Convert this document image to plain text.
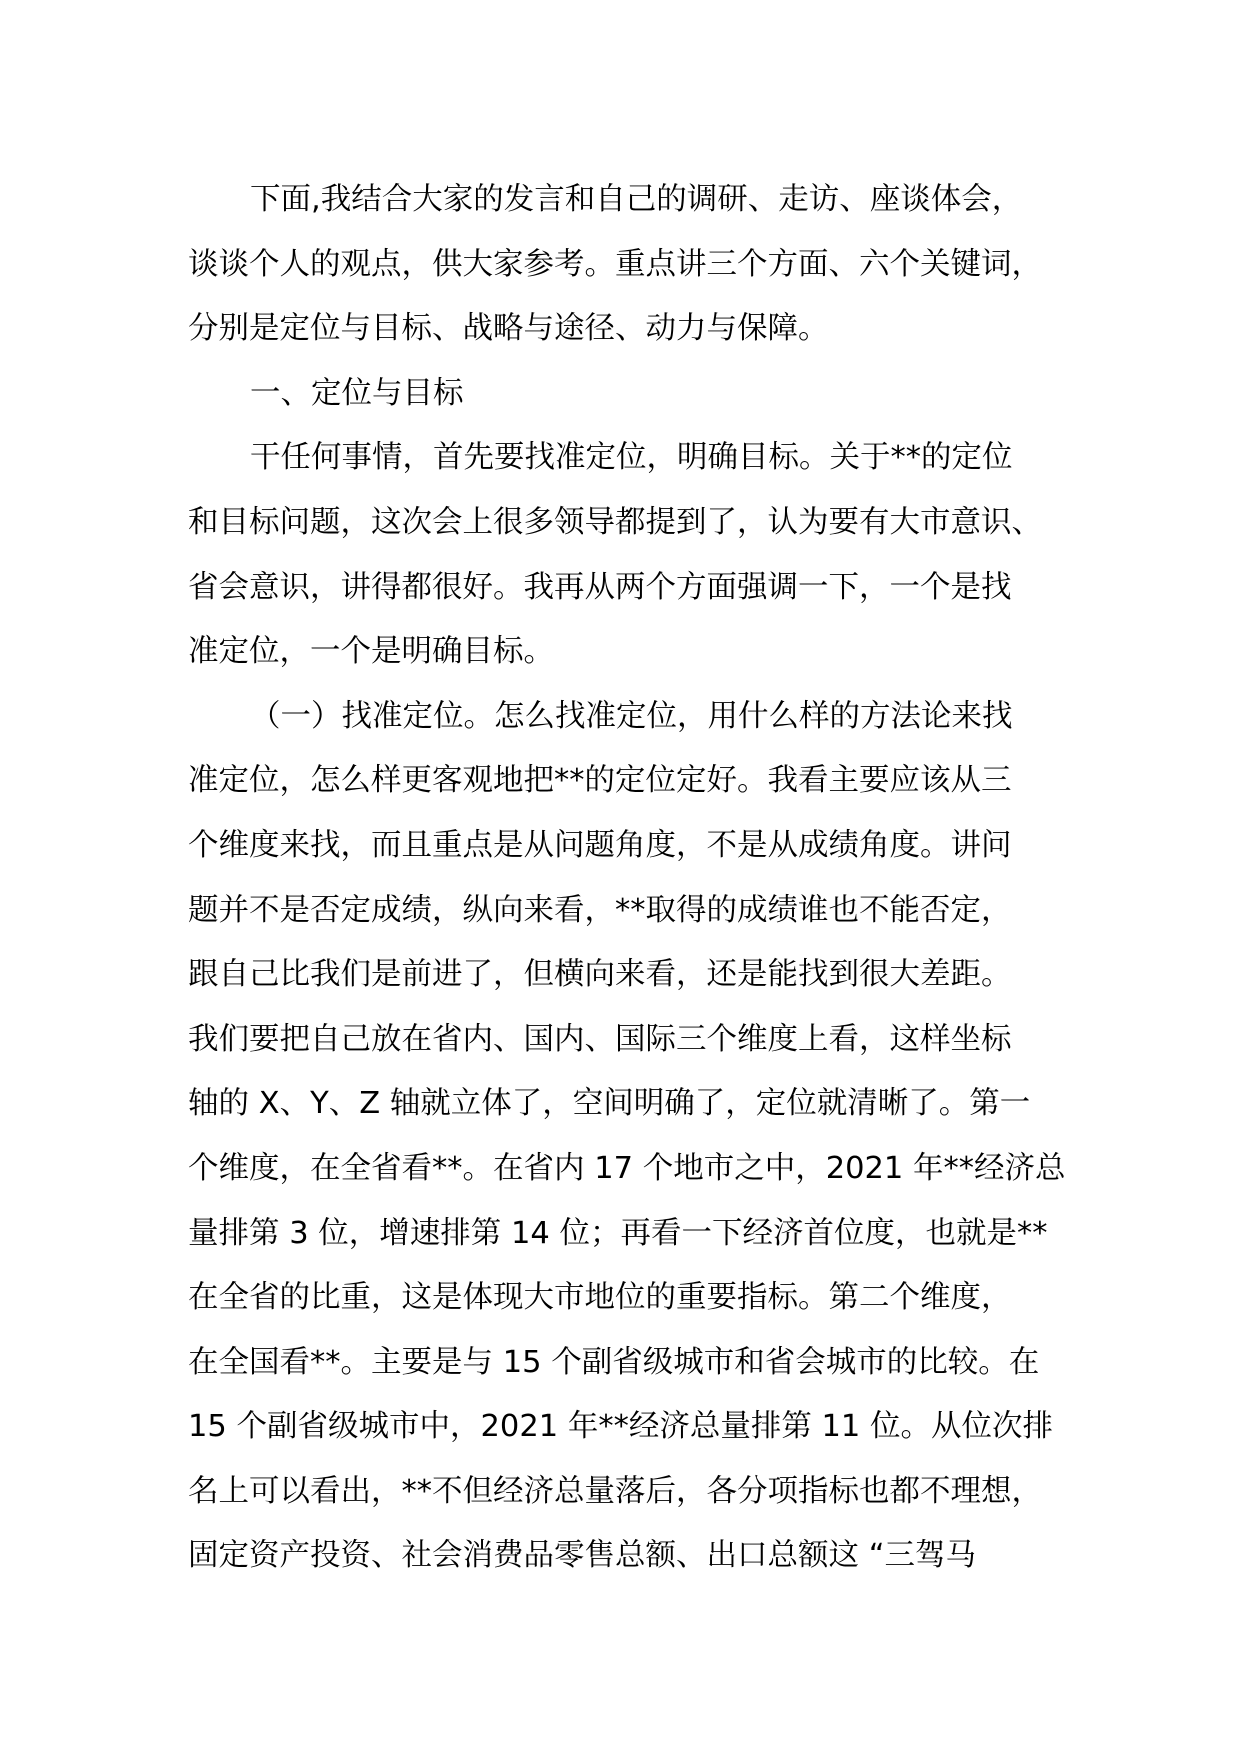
下面,我结合大家的发言和自己的调研、走访、座谈体会，
谈谈个人的观点，供大家参考。重点讲三个方面、六个关键词，
分别是定位与目标、战略与途径、动力与保障。
一、定位与目标
干任何事情，首先要找准定位，明确目标。关于**的定位
和目标问题，这次会上很多领导都提到了，认为要有大市意识、
省会意识，讲得都很好。我再从两个方面强调一下，一个是找
准定位，一个是明确目标。
（一）找准定位。怎么找准定位，用什么样的方法论来找
准定位，怎么样更客观地把**的定位定好。我看主要应该从三
个维度来找，而且重点是从问题角度，不是从成绩角度。讲问
题并不是否定成绩，纵向来看，**取得的成绩谁也不能否定，
跟自己比我们是前进了，但横向来看，还是能找到很大差距。
我们要把自己放在省内、国内、国际三个维度上看，这样坐标
轴的 X、Y、Z 轴就立体了，空间明确了，定位就清晰了。第一
个维度，在全省看**。在省内 17 个地市之中，2021 年**经济总
量排第 3 位，增速排第 14 位；再看一下经济首位度，也就是**
在全省的比重，这是体现大市地位的重要指标。第二个维度，
在全国看**。主要是与 15 个副省级城市和省会城市的比较。在
15 个副省级城市中，2021 年**经济总量排第 11 位。从位次排
名上可以看出，**不但经济总量落后，各分项指标也都不理想，
固定资产投资、社会消费品零售总额、出口总额这 “三驾马
